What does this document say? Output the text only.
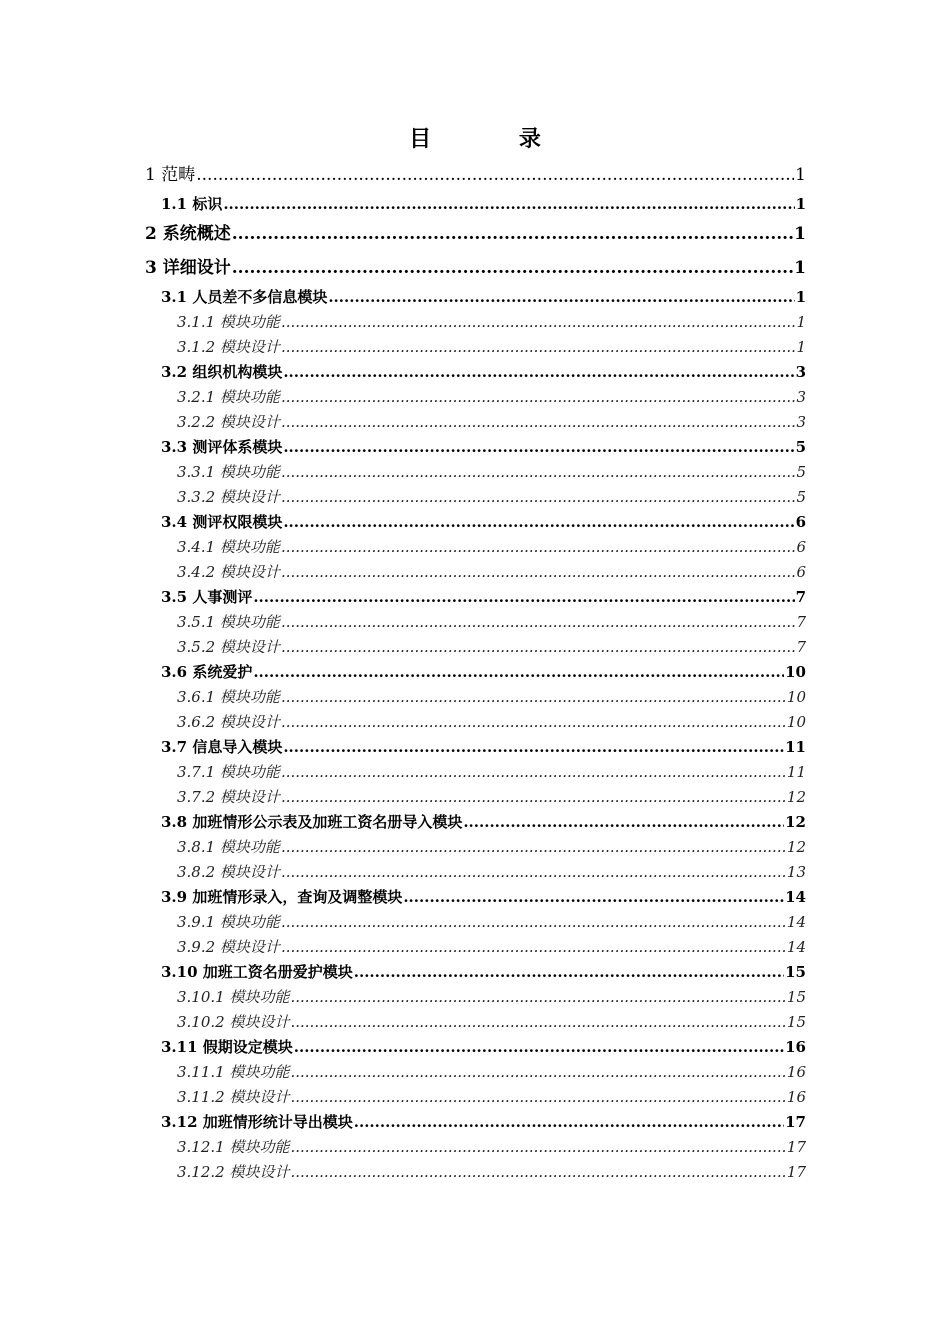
目 录
1 范畴 .....	1
1.1 标识 .....	1
2 系统概述 .....	1
3 详细设计 .....	1
3.1 人员差不多信息模块 .....	1
3.1.1 模块功能 .....	1
3.1.2 模块设计 .....	1
3.2 组织机构模块 .....	3
3.2.1 模块功能 .....	3
3.2.2 模块设计 .....	3
3.3 测评体系模块 .....	5
3.3.1 模块功能 .....	5
3.3.2 模块设计 .....	5
3.4 测评权限模块 .....	6
3.4.1 模块功能 .....	6
3.4.2 模块设计 .....	6
3.5 人事测评 .....	7
3.5.1 模块功能 .....	7
3.5.2 模块设计 .....	7
3.6 系统爱护 .....	10
3.6.1 模块功能 .....	10
3.6.2 模块设计 .....	10
3.7 信息导入模块 .....	11
3.7.1 模块功能 .....	11
3.7.2 模块设计 .....	12
3.8 加班情形公示表及加班工资名册导入模块 .....	12
3.8.1 模块功能 .....	12
3.8.2 模块设计 .....	13
3.9 加班情形录入，查询及调整模块 .....	14
3.9.1 模块功能 .....	14
3.9.2 模块设计 .....	14
3.10 加班工资名册爱护模块 .....	15
3.10.1 模块功能 .....	15
3.10.2 模块设计 .....	15
3.11 假期设定模块 .....	16
3.11.1 模块功能 .....	16
3.11.2 模块设计 .....	16
3.12 加班情形统计导出模块 .....	17
3.12.1 模块功能 .....	17
3.12.2 模块设计 .....	17
